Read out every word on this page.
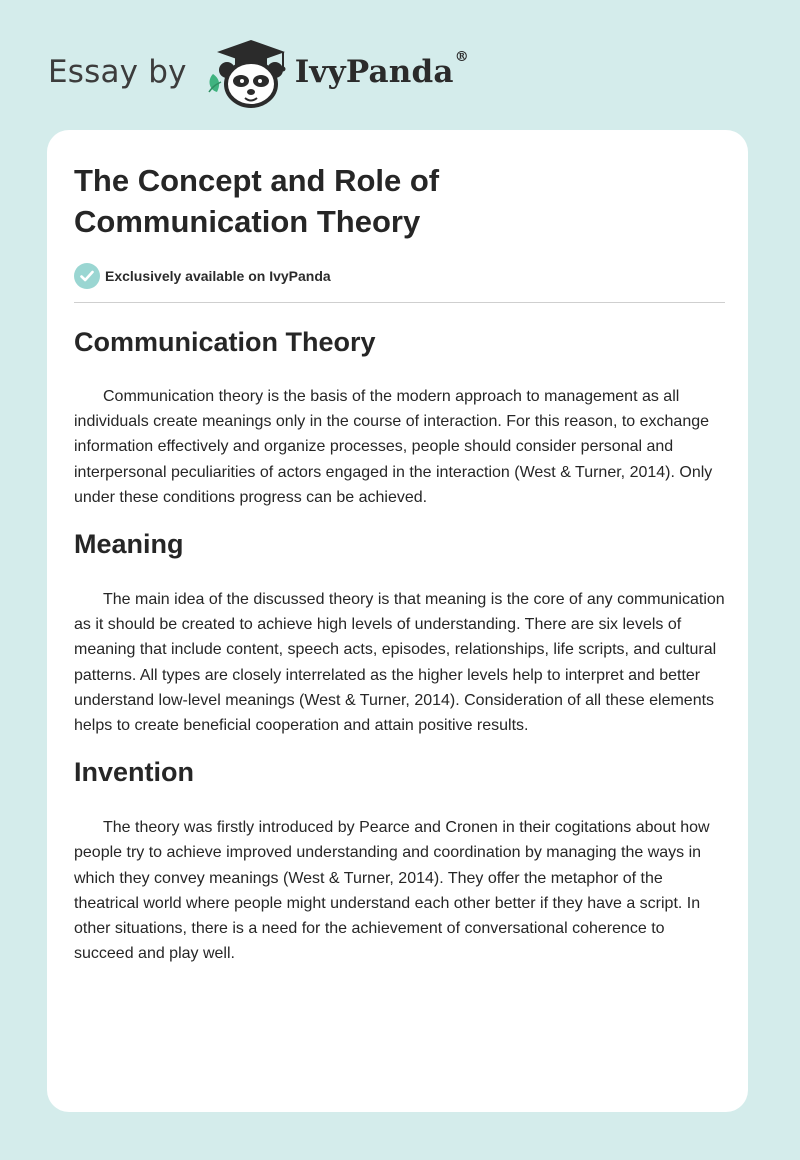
Essay by	IvyPanda®
The Concept and Role of
Communication Theory
Exclusively available on IvyPanda
Communication Theory

Communication theory is the basis of the modern approach to management as all individuals create meanings only in the course of interaction. For this reason, to exchange information effectively and organize processes, people should consider personal and interpersonal peculiarities of actors engaged in the interaction (West & Turner, 2014). Only under these conditions progress can be achieved.

Meaning

The main idea of the discussed theory is that meaning is the core of any communication as it should be created to achieve high levels of understanding. There are six levels of meaning that include content, speech acts, episodes, relationships, life scripts, and cultural patterns. All types are closely interrelated as the higher levels help to interpret and better understand low-level meanings (West & Turner, 2014). Consideration of all these elements helps to create beneficial cooperation and attain positive results.

Invention

The theory was firstly introduced by Pearce and Cronen in their cogitations about how people try to achieve improved understanding and coordination by managing the ways in which they convey meanings (West & Turner, 2014). They offer the metaphor of the theatrical world where people might understand each other better if they have a script. In other situations, there is a need for the achievement of conversational coherence to succeed and play well.
